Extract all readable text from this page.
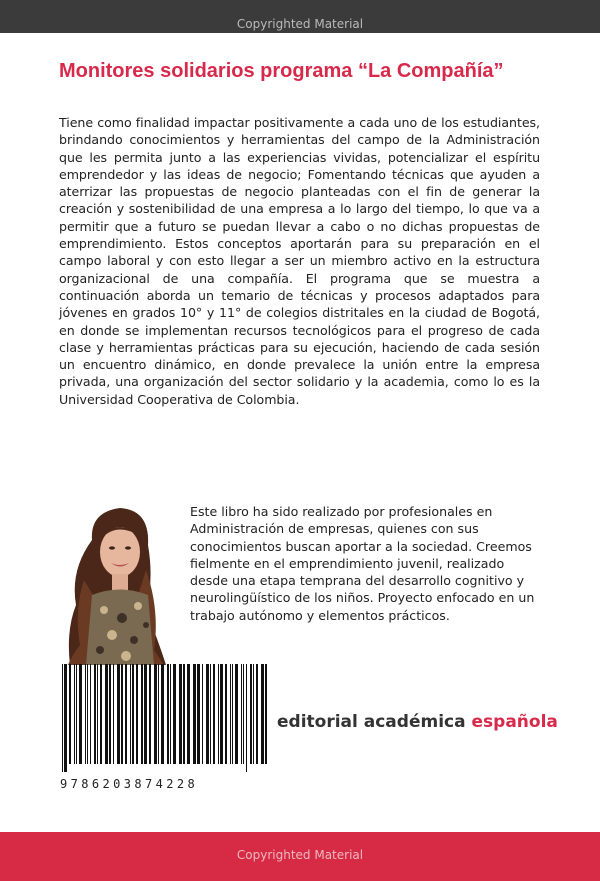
Copyrighted Material
Monitores solidarios programa “La Compañía”

Tiene como finalidad impactar positivamente a cada uno de los estudiantes, brindando conocimientos y herramientas del campo de la Administración que les permita junto a las experiencias vividas, potencializar el espíritu emprendedor y las ideas de negocio; Fomentando técnicas que ayuden a aterrizar las propuestas de negocio planteadas con el fin de generar la creación y sostenibilidad de una empresa a lo largo del tiempo, lo que va a permitir que a futuro se puedan llevar a cabo o no dichas propuestas de emprendimiento. Estos conceptos aportarán para su preparación en el campo laboral y con esto llegar a ser un miembro activo en la estructura organizacional de una compañía. El programa que se muestra a continuación aborda un temario de técnicas y procesos adaptados para jóvenes en grados 10° y 11° de colegios distritales en la ciudad de Bogotá, en donde se implementan recursos tecnológicos para el progreso de cada clase y herramientas prácticas para su ejecución, haciendo de cada sesión un encuentro dinámico, en donde prevalece la unión entre la empresa privada, una organización del sector solidario y la academia, como lo es la Universidad Cooperativa de Colombia.

Este libro ha sido realizado por profesionales en Administración de empresas, quienes con sus conocimientos buscan aportar a la sociedad. Creemos fielmente en el emprendimiento juvenil, realizado desde una etapa temprana del desarrollo cognitivo y neurolingüístico de los niños. Proyecto enfocado en un trabajo autónomo y elementos prácticos.

9786203874228
editorial académica española
Copyrighted Material
